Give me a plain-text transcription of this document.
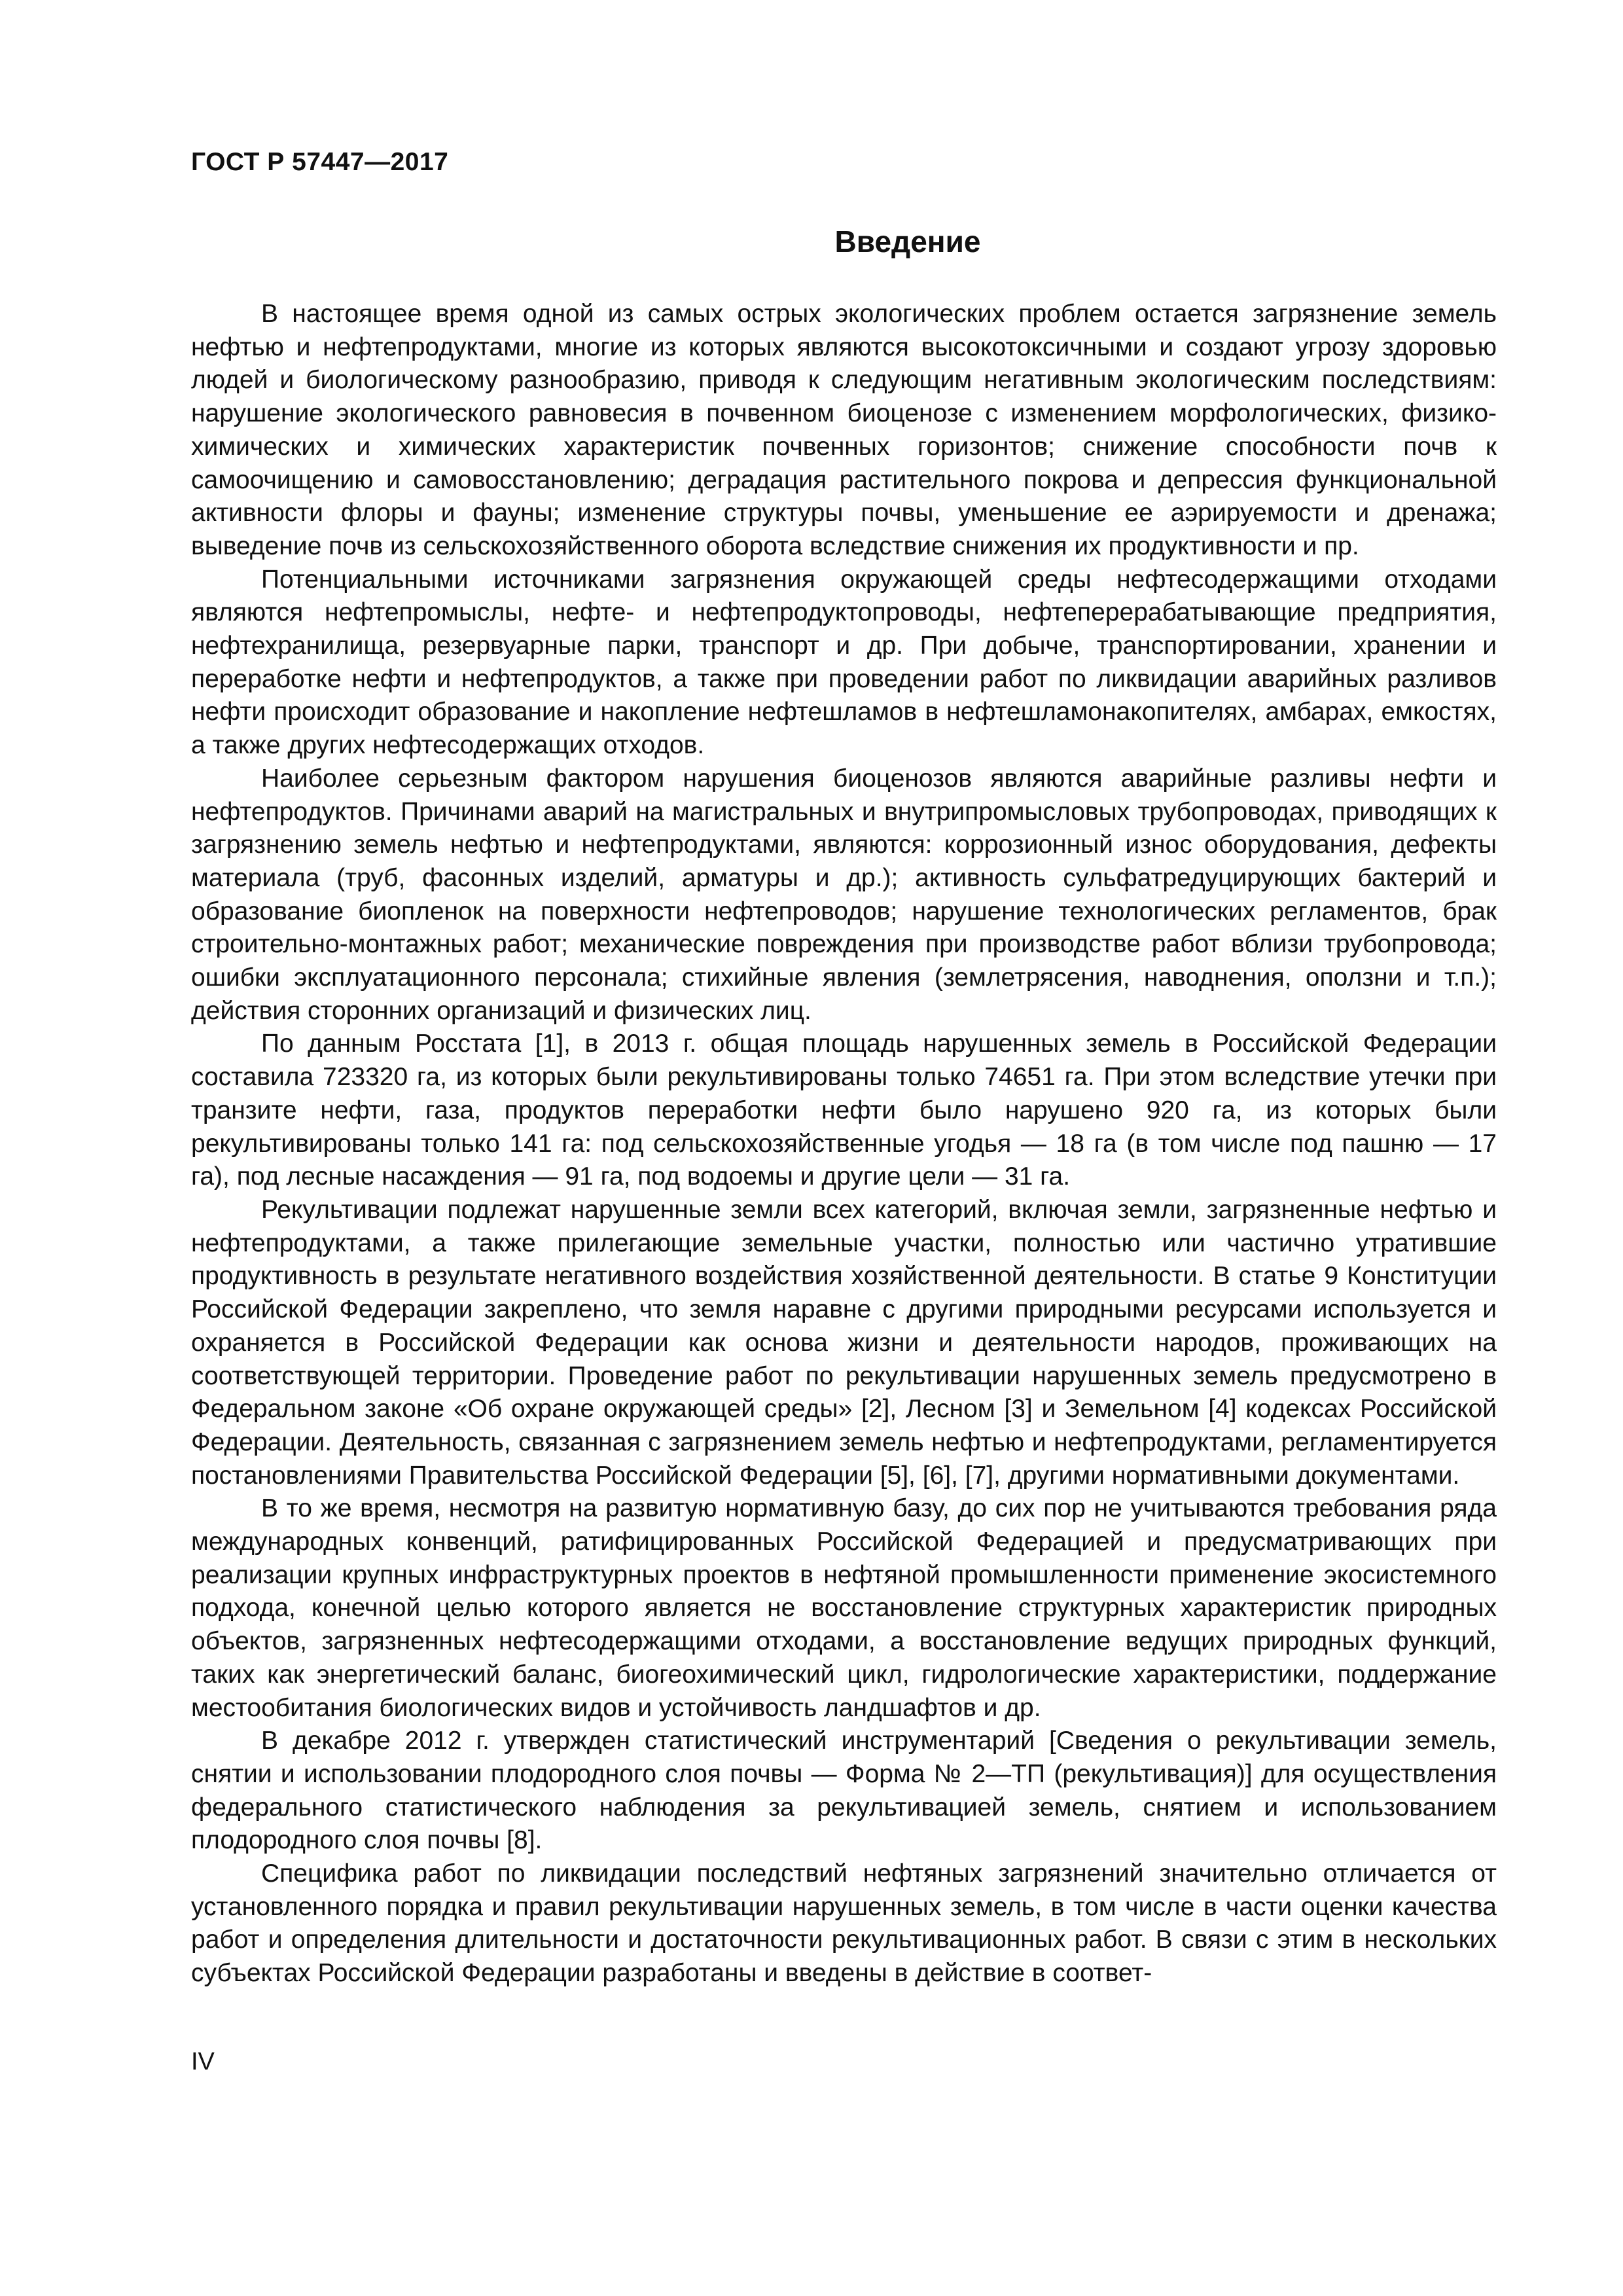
ГОСТ Р 57447—2017
Введение

В настоящее время одной из самых острых экологических проблем остается загрязнение земель нефтью и нефтепродуктами, многие из которых являются высокотоксичными и создают угрозу здоровью людей и биологическому разнообразию, приводя к следующим негативным экологическим последствиям: нарушение экологического равновесия в почвенном биоценозе с изменением морфологических, физико-химических и химических характеристик почвенных горизонтов; снижение способности почв к самоочищению и самовосстановлению; деградация растительного покрова и депрессия функциональной активности флоры и фауны; изменение структуры почвы, уменьшение ее аэрируемости и дренажа; выведение почв из сельскохозяйственного оборота вследствие снижения их продуктивности и пр.

Потенциальными источниками загрязнения окружающей среды нефтесодержащими отходами являются нефтепромыслы, нефте- и нефтепродуктопроводы, нефтеперерабатывающие предприятия, нефтехранилища, резервуарные парки, транспорт и др. При добыче, транспортировании, хранении и переработке нефти и нефтепродуктов, а также при проведении работ по ликвидации аварийных разливов нефти происходит образование и накопление нефтешламов в нефтешламонакопителях, амбарах, емкостях, а также других нефтесодержащих отходов.

Наиболее серьезным фактором нарушения биоценозов являются аварийные разливы нефти и нефтепродуктов. Причинами аварий на магистральных и внутрипромысловых трубопроводах, приводящих к загрязнению земель нефтью и нефтепродуктами, являются: коррозионный износ оборудования, дефекты материала (труб, фасонных изделий, арматуры и др.); активность сульфатредуцирующих бактерий и образование биопленок на поверхности нефтепроводов; нарушение технологических регламентов, брак строительно-монтажных работ; механические повреждения при производстве работ вблизи трубопровода; ошибки эксплуатационного персонала; стихийные явления (землетрясения, наводнения, оползни и т.п.); действия сторонних организаций и физических лиц.

По данным Росстата [1], в 2013 г. общая площадь нарушенных земель в Российской Федерации составила 723320 га, из которых были рекультивированы только 74651 га. При этом вследствие утечки при транзите нефти, газа, продуктов переработки нефти было нарушено 920 га, из которых были рекультивированы только 141 га: под сельскохозяйственные угодья — 18 га (в том числе под пашню — 17 га), под лесные насаждения — 91 га, под водоемы и другие цели — 31 га.

Рекультивации подлежат нарушенные земли всех категорий, включая земли, загрязненные нефтью и нефтепродуктами, а также прилегающие земельные участки, полностью или частично утратившие продуктивность в результате негативного воздействия хозяйственной деятельности. В статье 9 Конституции Российской Федерации закреплено, что земля наравне с другими природными ресурсами используется и охраняется в Российской Федерации как основа жизни и деятельности народов, проживающих на соответствующей территории. Проведение работ по рекультивации нарушенных земель предусмотрено в Федеральном законе «Об охране окружающей среды» [2], Лесном [3] и Земельном [4] кодексах Российской Федерации. Деятельность, связанная с загрязнением земель нефтью и нефтепродуктами, регламентируется постановлениями Правительства Российской Федерации [5], [6], [7], другими нормативными документами.

В то же время, несмотря на развитую нормативную базу, до сих пор не учитываются требования ряда международных конвенций, ратифицированных Российской Федерацией и предусматривающих при реализации крупных инфраструктурных проектов в нефтяной промышленности применение экосистемного подхода, конечной целью которого является не восстановление структурных характеристик природных объектов, загрязненных нефтесодержащими отходами, а восстановление ведущих природных функций, таких как энергетический баланс, биогеохимический цикл, гидрологические характеристики, поддержание местообитания биологических видов и устойчивость ландшафтов и др.

В декабре 2012 г. утвержден статистический инструментарий [Сведения о рекультивации земель, снятии и использовании плодородного слоя почвы — Форма № 2—ТП (рекультивация)] для осуществления федерального статистического наблюдения за рекультивацией земель, снятием и использованием плодородного слоя почвы [8].

Специфика работ по ликвидации последствий нефтяных загрязнений значительно отличается от установленного порядка и правил рекультивации нарушенных земель, в том числе в части оценки качества работ и определения длительности и достаточности рекультивационных работ. В связи с этим в нескольких субъектах Российской Федерации разработаны и введены в действие в соответ-

IV
